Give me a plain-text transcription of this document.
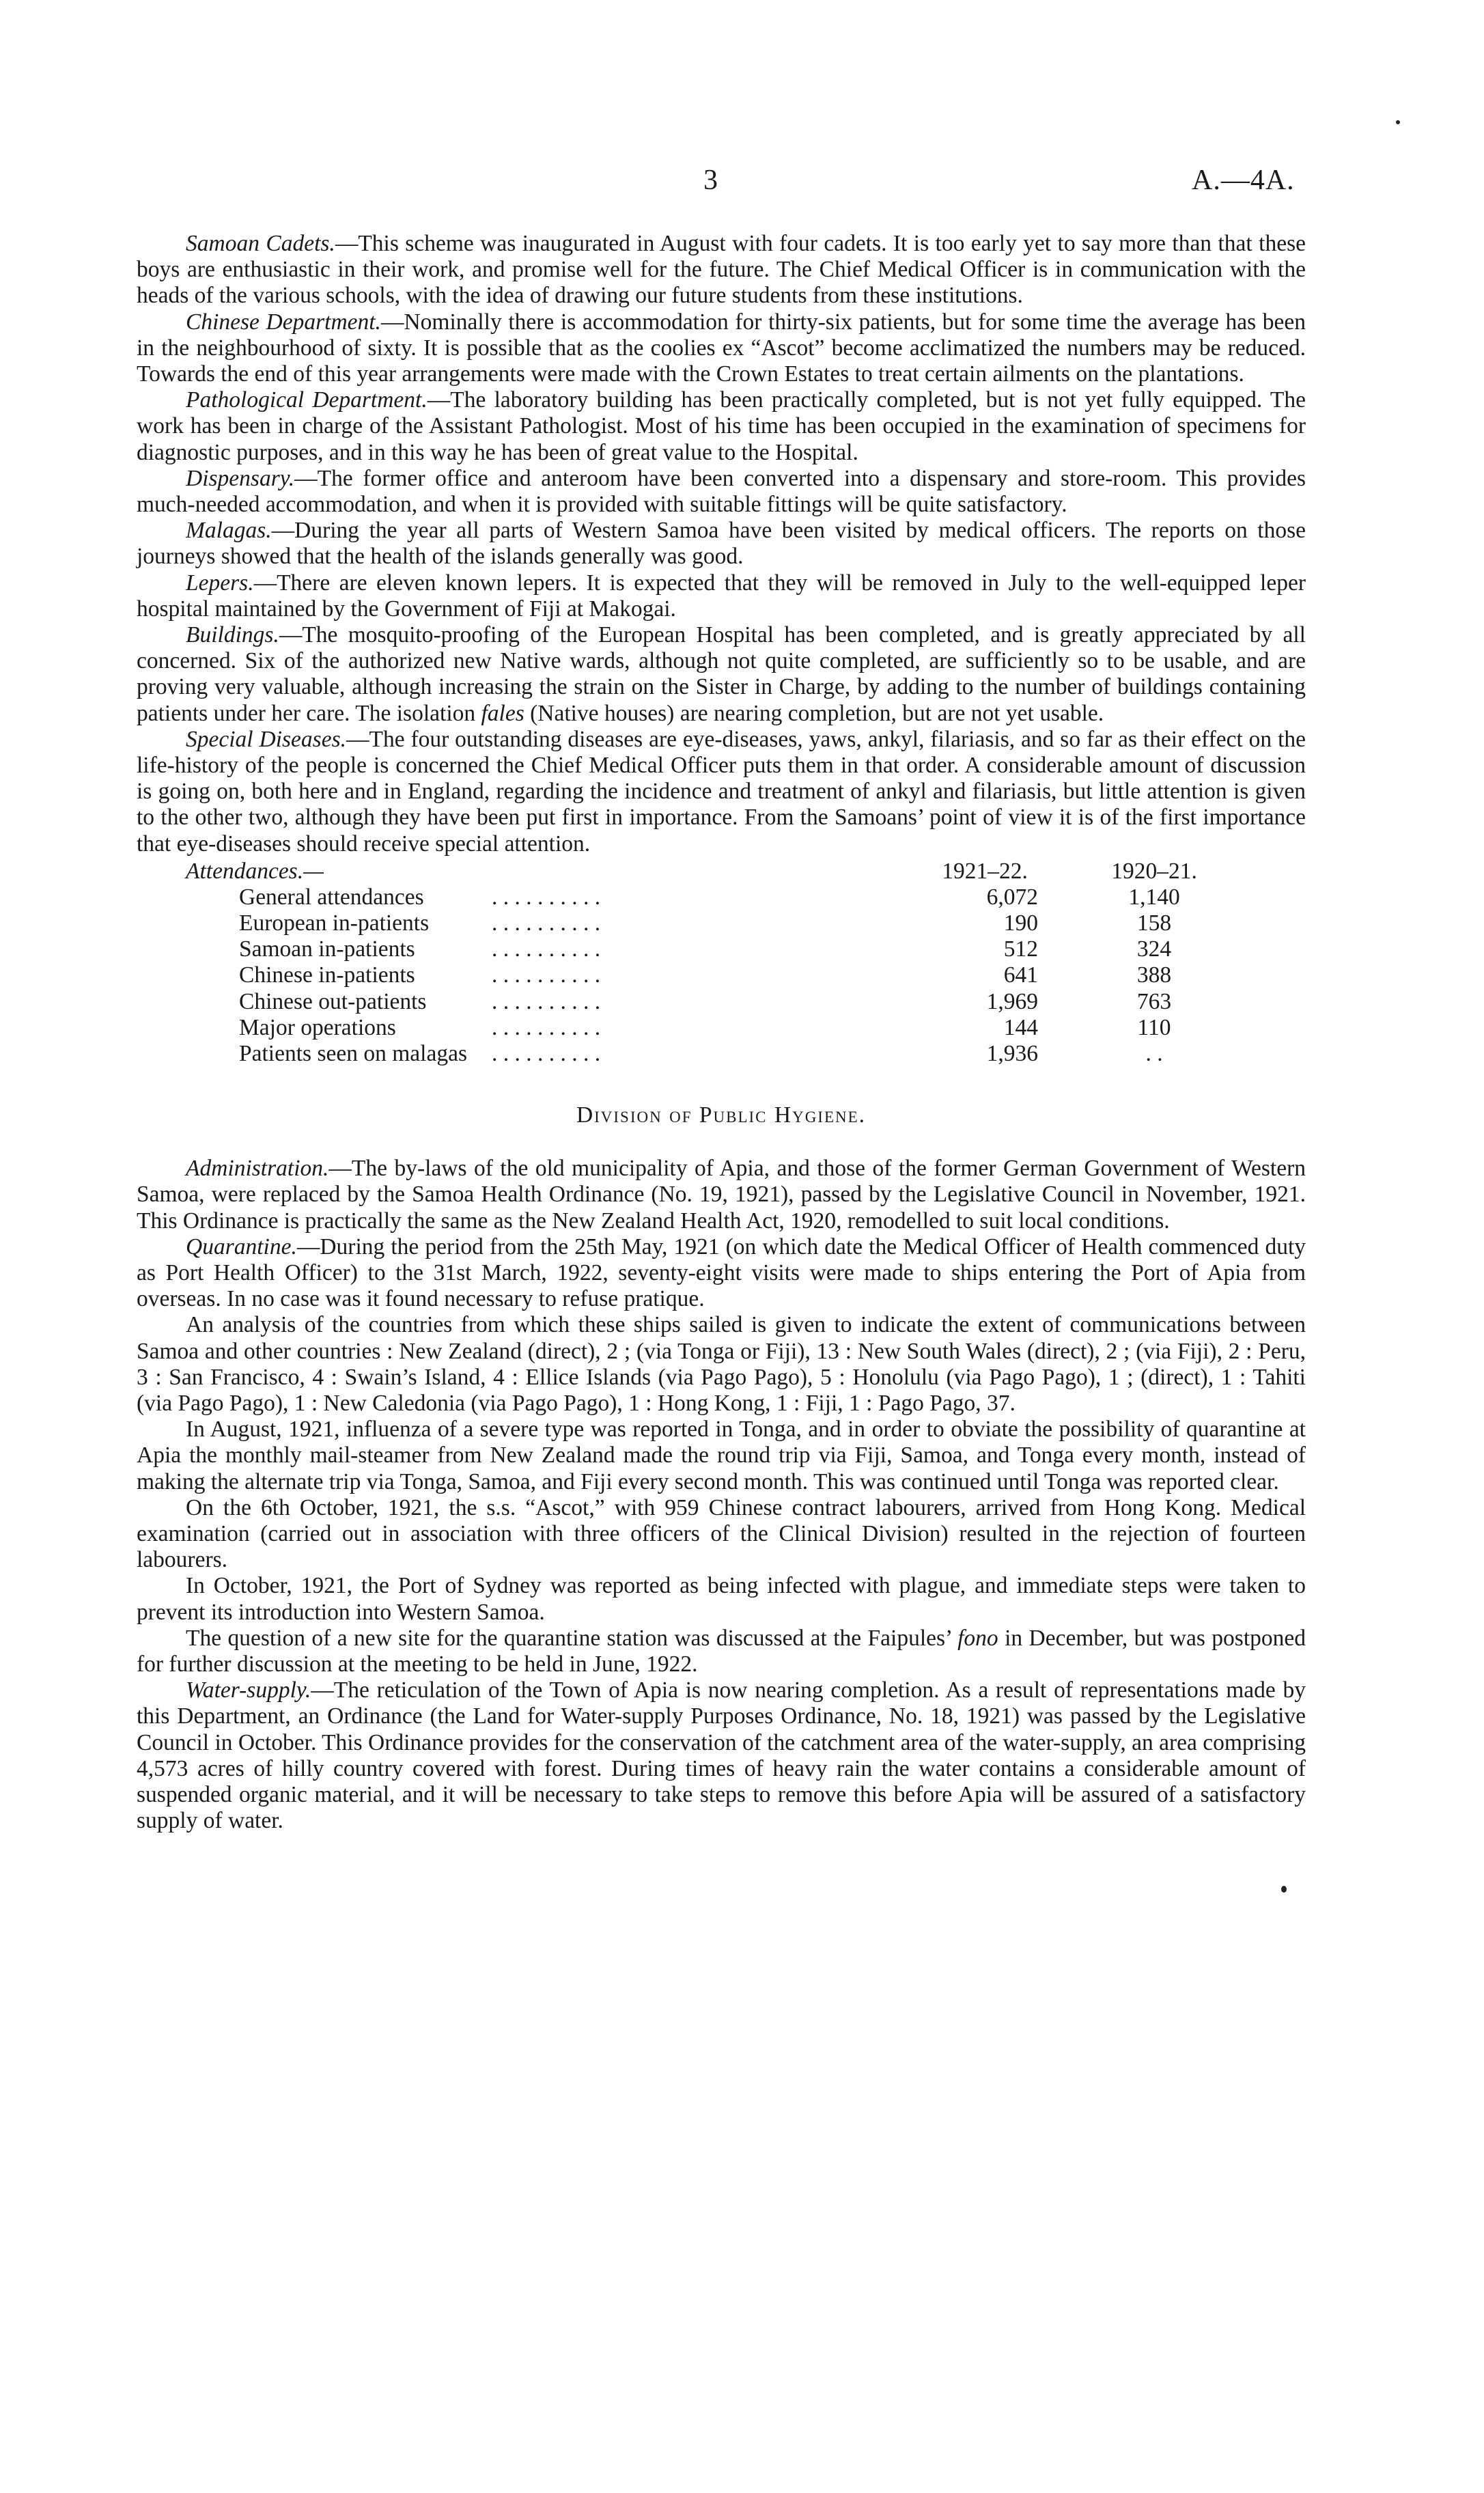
3	A.—4A.

Samoan Cadets.—This scheme was inaugurated in August with four cadets. It is too early yet to say more than that these boys are enthusiastic in their work, and promise well for the future. The Chief Medical Officer is in communication with the heads of the various schools, with the idea of drawing our future students from these institutions.

Chinese Department.—Nominally there is accommodation for thirty-six patients, but for some time the average has been in the neighbourhood of sixty. It is possible that as the coolies ex “Ascot” become acclimatized the numbers may be reduced. Towards the end of this year arrangements were made with the Crown Estates to treat certain ailments on the plantations.

Pathological Department.—The laboratory building has been practically completed, but is not yet fully equipped. The work has been in charge of the Assistant Pathologist. Most of his time has been occupied in the examination of specimens for diagnostic purposes, and in this way he has been of great value to the Hospital.

Dispensary.—The former office and anteroom have been converted into a dispensary and store-room. This provides much-needed accommodation, and when it is provided with suitable fittings will be quite satisfactory.

Malagas.—During the year all parts of Western Samoa have been visited by medical officers. The reports on those journeys showed that the health of the islands generally was good.

Lepers.—There are eleven known lepers. It is expected that they will be removed in July to the well-equipped leper hospital maintained by the Government of Fiji at Makogai.

Buildings.—The mosquito-proofing of the European Hospital has been completed, and is greatly appreciated by all concerned. Six of the authorized new Native wards, although not quite completed, are sufficiently so to be usable, and are proving very valuable, although increasing the strain on the Sister in Charge, by adding to the number of buildings containing patients under her care. The isolation fales (Native houses) are nearing completion, but are not yet usable.

Special Diseases.—The four outstanding diseases are eye-diseases, yaws, ankyl, filariasis, and so far as their effect on the life-history of the people is concerned the Chief Medical Officer puts them in that order. A considerable amount of discussion is going on, both here and in England, regarding the incidence and treatment of ankyl and filariasis, but little attention is given to the other two, although they have been put first in importance. From the Samoans’ point of view it is of the first importance that eye-diseases should receive special attention.

Attendances.—	1921–22.	1920–21.
General attendances	. . . . . . . . . .	6,072	1,140
European in-patients	. . . . . . . . . .	190	158
Samoan in-patients	. . . . . . . . . .	512	324
Chinese in-patients	. . . . . . . . . .	641	388
Chinese out-patients	. . . . . . . . . .	1,969	763
Major operations	. . . . . . . . . .	144	110
Patients seen on malagas . . . . . . . . . .	1,936	. .
Division of Public Hygiene.

Administration.—The by-laws of the old municipality of Apia, and those of the former German Government of Western Samoa, were replaced by the Samoa Health Ordinance (No. 19, 1921), passed by the Legislative Council in November, 1921. This Ordinance is practically the same as the New Zealand Health Act, 1920, remodelled to suit local conditions.

Quarantine.—During the period from the 25th May, 1921 (on which date the Medical Officer of Health commenced duty as Port Health Officer) to the 31st March, 1922, seventy-eight visits were made to ships entering the Port of Apia from overseas. In no case was it found necessary to refuse pratique.

An analysis of the countries from which these ships sailed is given to indicate the extent of communications between Samoa and other countries : New Zealand (direct), 2 ; (via Tonga or Fiji), 13 : New South Wales (direct), 2 ; (via Fiji), 2 : Peru, 3 : San Francisco, 4 : Swain’s Island, 4 : Ellice Islands (via Pago Pago), 5 : Honolulu (via Pago Pago), 1 ; (direct), 1 : Tahiti (via Pago Pago), 1 : New Caledonia (via Pago Pago), 1 : Hong Kong, 1 : Fiji, 1 : Pago Pago, 37.

In August, 1921, influenza of a severe type was reported in Tonga, and in order to obviate the possibility of quarantine at Apia the monthly mail-steamer from New Zealand made the round trip via Fiji, Samoa, and Tonga every month, instead of making the alternate trip via Tonga, Samoa, and Fiji every second month. This was continued until Tonga was reported clear.

On the 6th October, 1921, the s.s. “Ascot,” with 959 Chinese contract labourers, arrived from Hong Kong. Medical examination (carried out in association with three officers of the Clinical Division) resulted in the rejection of fourteen labourers.

In October, 1921, the Port of Sydney was reported as being infected with plague, and immediate steps were taken to prevent its introduction into Western Samoa.

The question of a new site for the quarantine station was discussed at the Faipules’ fono in December, but was postponed for further discussion at the meeting to be held in June, 1922.

Water-supply.—The reticulation of the Town of Apia is now nearing completion. As a result of representations made by this Department, an Ordinance (the Land for Water-supply Purposes Ordinance, No. 18, 1921) was passed by the Legislative Council in October. This Ordinance provides for the conservation of the catchment area of the water-supply, an area comprising 4,573 acres of hilly country covered with forest. During times of heavy rain the water contains a considerable amount of suspended organic material, and it will be necessary to take steps to remove this before Apia will be assured of a satisfactory supply of water.
